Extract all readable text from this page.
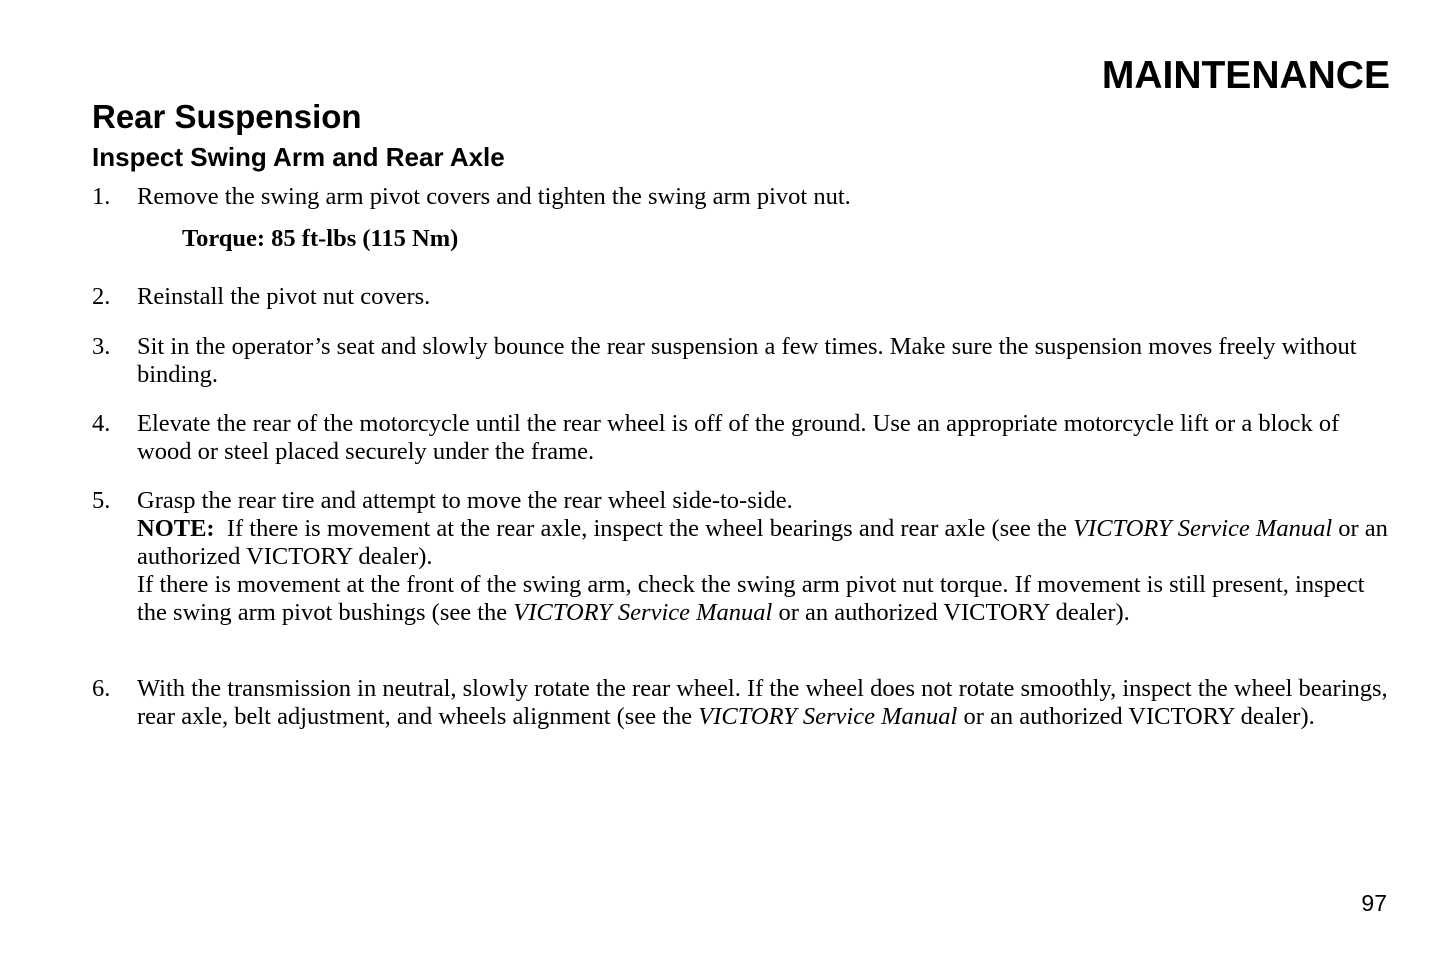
MAINTENANCE
Rear Suspension
Inspect Swing Arm and Rear Axle
1. Remove the swing arm pivot covers and tighten the swing arm pivot nut.
Torque: 85 ft-lbs (115 Nm)
2. Reinstall the pivot nut covers.
3. Sit in the operator’s seat and slowly bounce the rear suspension a few times. Make sure the suspension moves freely without binding.
4. Elevate the rear of the motorcycle until the rear wheel is off of the ground. Use an appropriate motorcycle lift or a block of wood or steel placed securely under the frame.
5. Grasp the rear tire and attempt to move the rear wheel side-to-side.
NOTE: If there is movement at the rear axle, inspect the wheel bearings and rear axle (see the VICTORY Service Manual or an authorized VICTORY dealer).
If there is movement at the front of the swing arm, check the swing arm pivot nut torque. If movement is still present, inspect the swing arm pivot bushings (see the VICTORY Service Manual or an authorized VICTORY dealer).
6. With the transmission in neutral, slowly rotate the rear wheel. If the wheel does not rotate smoothly, inspect the wheel bearings, rear axle, belt adjustment, and wheels alignment (see the VICTORY Service Manual or an authorized VICTORY dealer).
97
